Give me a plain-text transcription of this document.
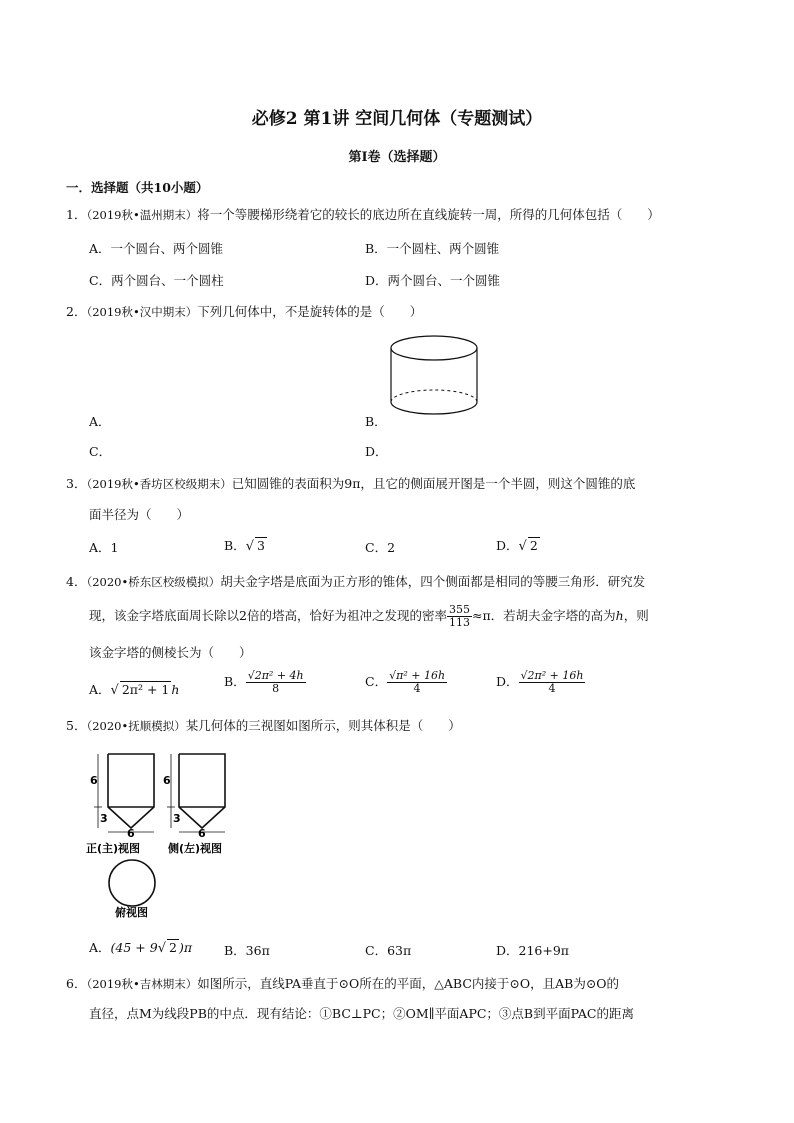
必修2 第1讲 空间几何体（专题测试）
第Ⅰ卷（选择题）
一．选择题（共10小题）
1．（2019秋•温州期末）将一个等腰梯形绕着它的较长的底边所在直线旋转一周，所得的几何体包括（　　）
A．一个圆台、两个圆锥	B．一个圆柱、两个圆锥
C．两个圆台、一个圆柱	D．两个圆台、一个圆锥
2．（2019秋•汉中期末）下列几何体中，不是旋转体的是（　　）
A．	B．
C．	D．
3．（2019秋•香坊区校级期末）已知圆锥的表面积为9π，且它的侧面展开图是一个半圆，则这个圆锥的底
面半径为（　　）
A．1	B．√ 3	C．2	D．√ 2
4．（2020•桥东区校级模拟）胡夫金字塔是底面为正方形的锥体，四个侧面都是相同的等腰三角形．研究发
现，该金字塔底面周长除以2倍的塔高，恰好为祖冲之发现的密率 $\frac{355}{113} \approx\pi$．若胡夫金字塔的高为h，则
该金字塔的侧棱长为（　　）
A．√ 2π² + 1 h
B． $\frac{\text{√2π² + 4h}}{8}$	C． $\frac{\text{√π² + 16h}}{4}$	D． $\frac{\text{√2π² + 16h}}{4}$
5．（2020•抚顺模拟）某几何体的三视图如图所示，则其体积是（　　）
6
3
6
正(主)视图
6
3
6
侧(左)视图
俯视图
A．(45 + 9√ 2 )π	B．36π	C．63π	D．216+9π
6．（2019秋•吉林期末）如图所示，直线PA垂直于⊙O所在的平面，△ABC内接于⊙O，且AB为⊙O的
直径，点M为线段PB的中点．现有结论：①BC⊥PC；②OM∥平面APC；③点B到平面PAC的距离
